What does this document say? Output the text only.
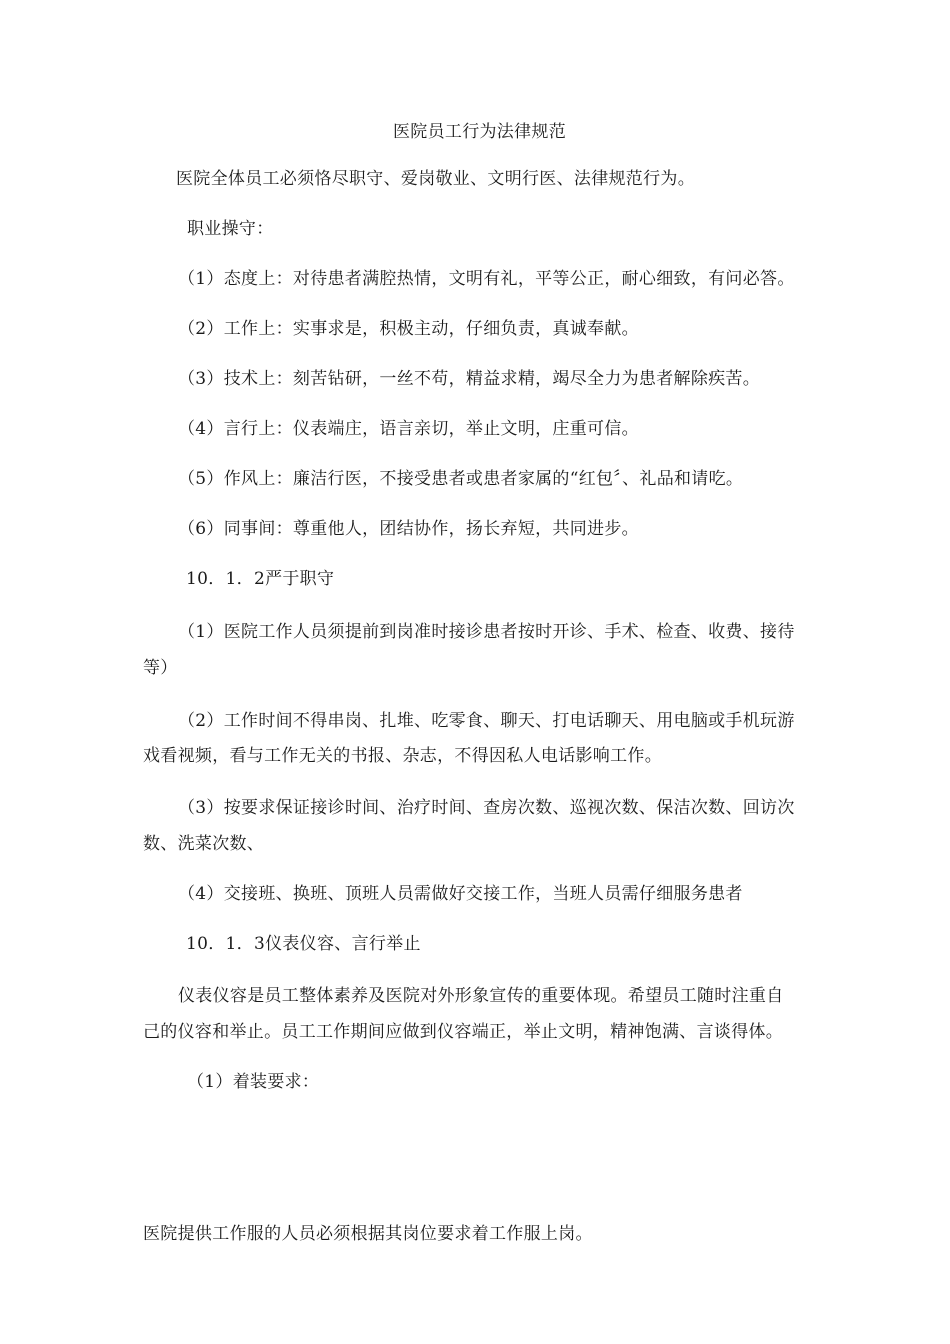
医院员工行为法律规范
医院全体员工必须恪尽职守、爱岗敬业、文明行医、法律规范行为。
职业操守：
（1）态度上：对待患者满腔热情，文明有礼，平等公正，耐心细致，有问必答。
（2）工作上：实事求是，积极主动，仔细负责，真诚奉献。
（3）技术上：刻苦钻研，一丝不苟，精益求精，竭尽全力为患者解除疾苦。
（4）言行上：仪表端庄，语言亲切，举止文明，庄重可信。
（5）作风上：廉洁行医，不接受患者或患者家属的“红包〞、礼品和请吃。
（6）同事间：尊重他人，团结协作，扬长弃短，共同进步。
10．1．2严于职守
（1）医院工作人员须提前到岗准时接诊患者按时开诊、手术、检查、收费、接待
等）
（2）工作时间不得串岗、扎堆、吃零食、聊天、打电话聊天、用电脑或手机玩游
戏看视频，看与工作无关的书报、杂志，不得因私人电话影响工作。
（3）按要求保证接诊时间、治疗时间、查房次数、巡视次数、保洁次数、回访次
数、洗菜次数、
（4）交接班、换班、顶班人员需做好交接工作，当班人员需仔细服务患者
10．1．3仪表仪容、言行举止
仪表仪容是员工整体素养及医院对外形象宣传的重要体现。希望员工随时注重自
己的仪容和举止。员工工作期间应做到仪容端正，举止文明，精神饱满、言谈得体。
（1）着装要求：
医院提供工作服的人员必须根据其岗位要求着工作服上岗。
